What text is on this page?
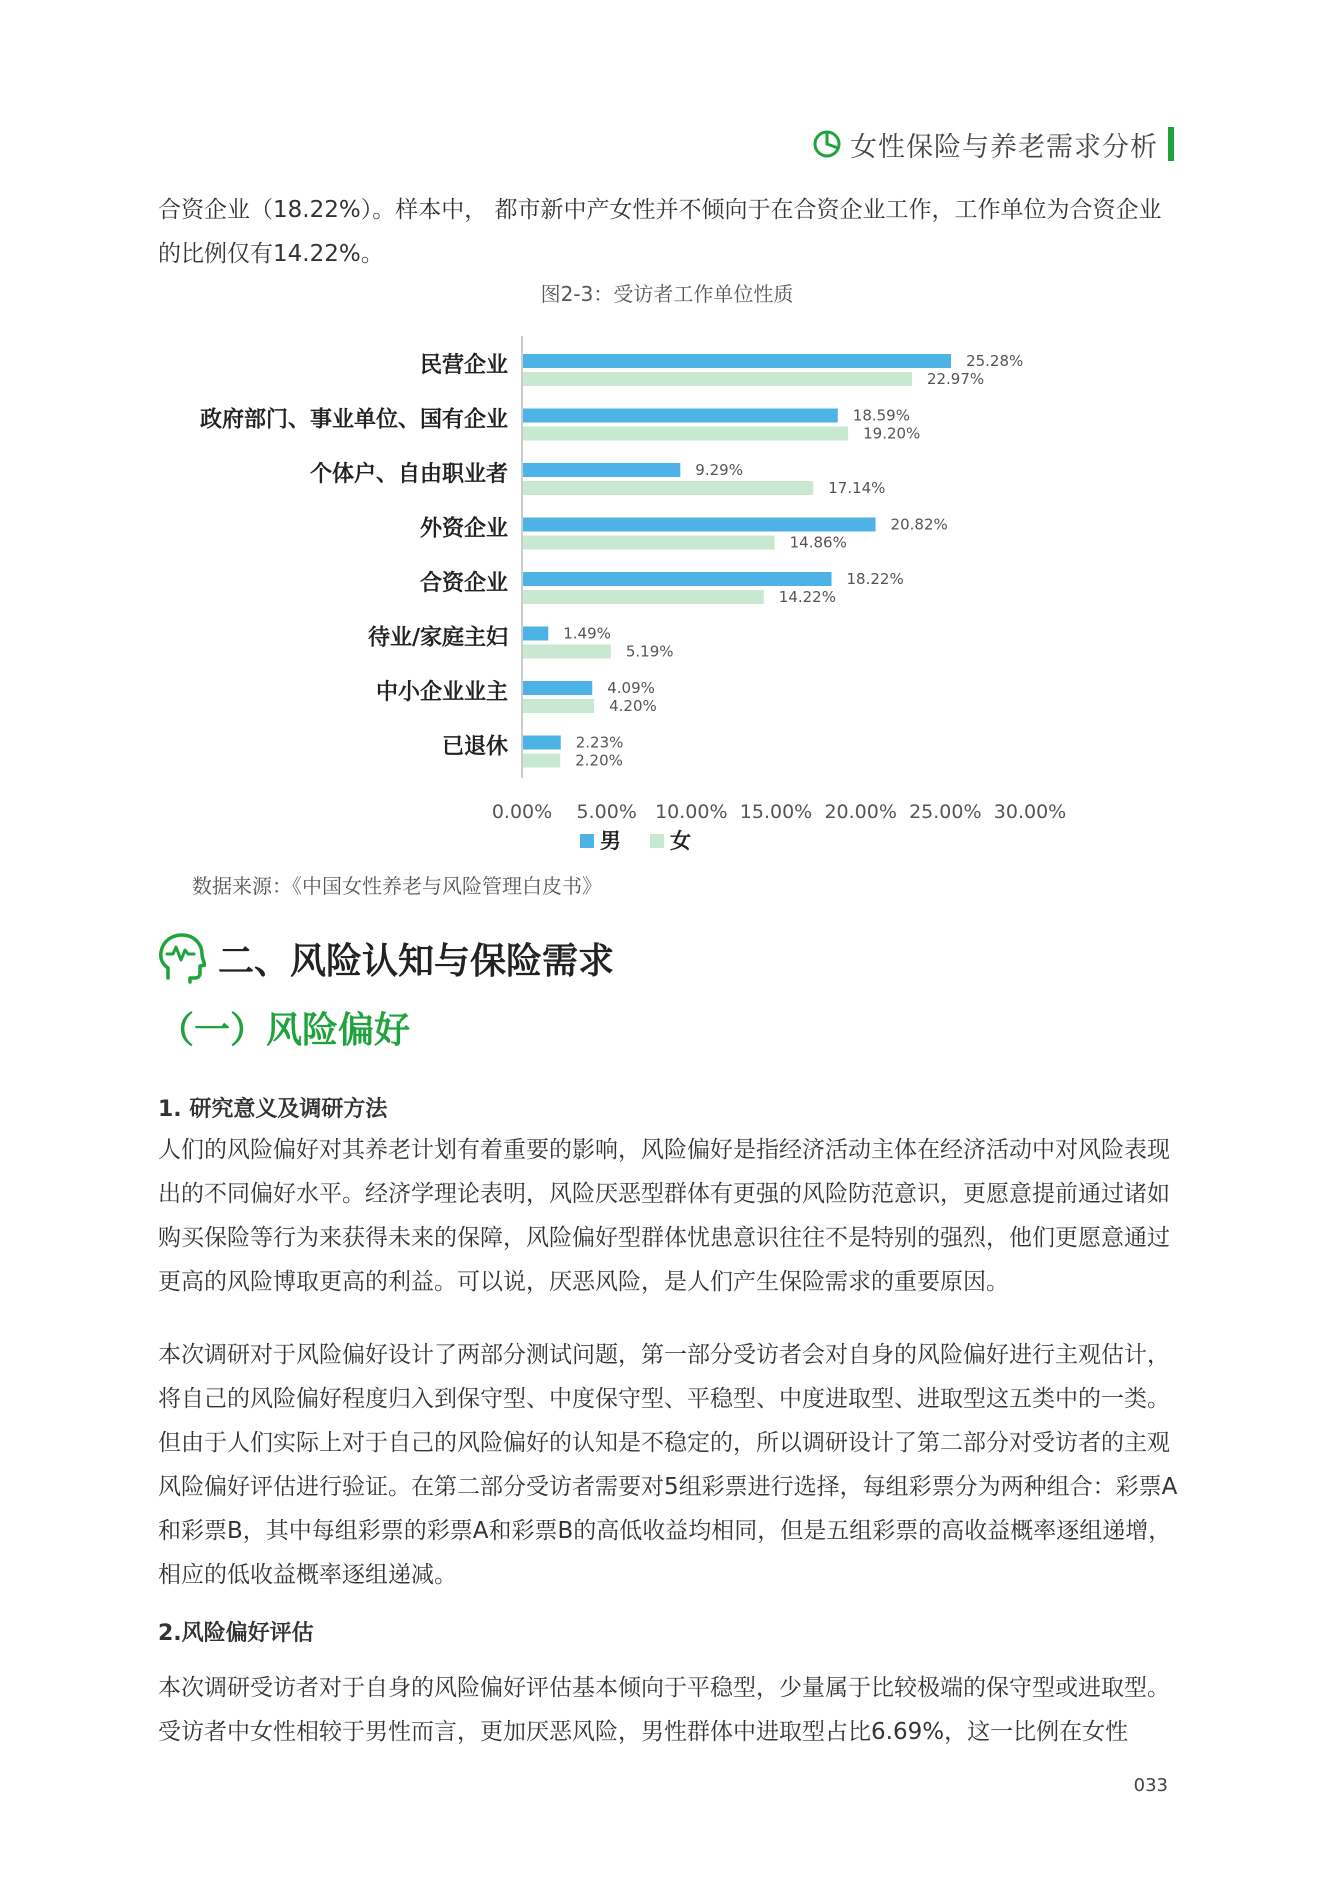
女性保险与养老需求分析

合资企业（18.22%）。样本中， 都市新中产女性并不倾向于在合资企业工作，工作单位为合资企业的比例仅有14.22%。

图2-3：受访者工作单位性质
民营企业	25.28%
22.97%
政府部门、事业单位、国有企业	18.59%
19.20%
个体户、自由职业者	9.29%
17.14%
外资企业	20.82%
14.86%
合资企业	18.22%
14.22%
待业/家庭主妇	1.49%
5.19%
中小企业业主	4.09%
4.20%
已退休	2.23%
2.20%
0.00% 5.00% 10.00% 15.00% 20.00% 25.00% 30.00%
男 女
数据来源：《中国女性养老与风险管理白皮书》
二、风险认知与保险需求
（一）风险偏好
1. 研究意义及调研方法

人们的风险偏好对其养老计划有着重要的影响，风险偏好是指经济活动主体在经济活动中对风险表现出的不同偏好水平。经济学理论表明，风险厌恶型群体有更强的风险防范意识，更愿意提前通过诸如购买保险等行为来获得未来的保障，风险偏好型群体忧患意识往往不是特别的强烈，他们更愿意通过更高的风险博取更高的利益。可以说，厌恶风险，是人们产生保险需求的重要原因。

本次调研对于风险偏好设计了两部分测试问题，第一部分受访者会对自身的风险偏好进行主观估计，将自己的风险偏好程度归入到保守型、中度保守型、平稳型、中度进取型、进取型这五类中的一类。但由于人们实际上对于自己的风险偏好的认知是不稳定的，所以调研设计了第二部分对受访者的主观风险偏好评估进行验证。在第二部分受访者需要对5组彩票进行选择，每组彩票分为两种组合：彩票A和彩票B，其中每组彩票的彩票A和彩票B的高低收益均相同，但是五组彩票的高收益概率逐组递增，相应的低收益概率逐组递减。

2.风险偏好评估

本次调研受访者对于自身的风险偏好评估基本倾向于平稳型，少量属于比较极端的保守型或进取型。受访者中女性相较于男性而言，更加厌恶风险，男性群体中进取型占比6.69%，这一比例在女性

033
